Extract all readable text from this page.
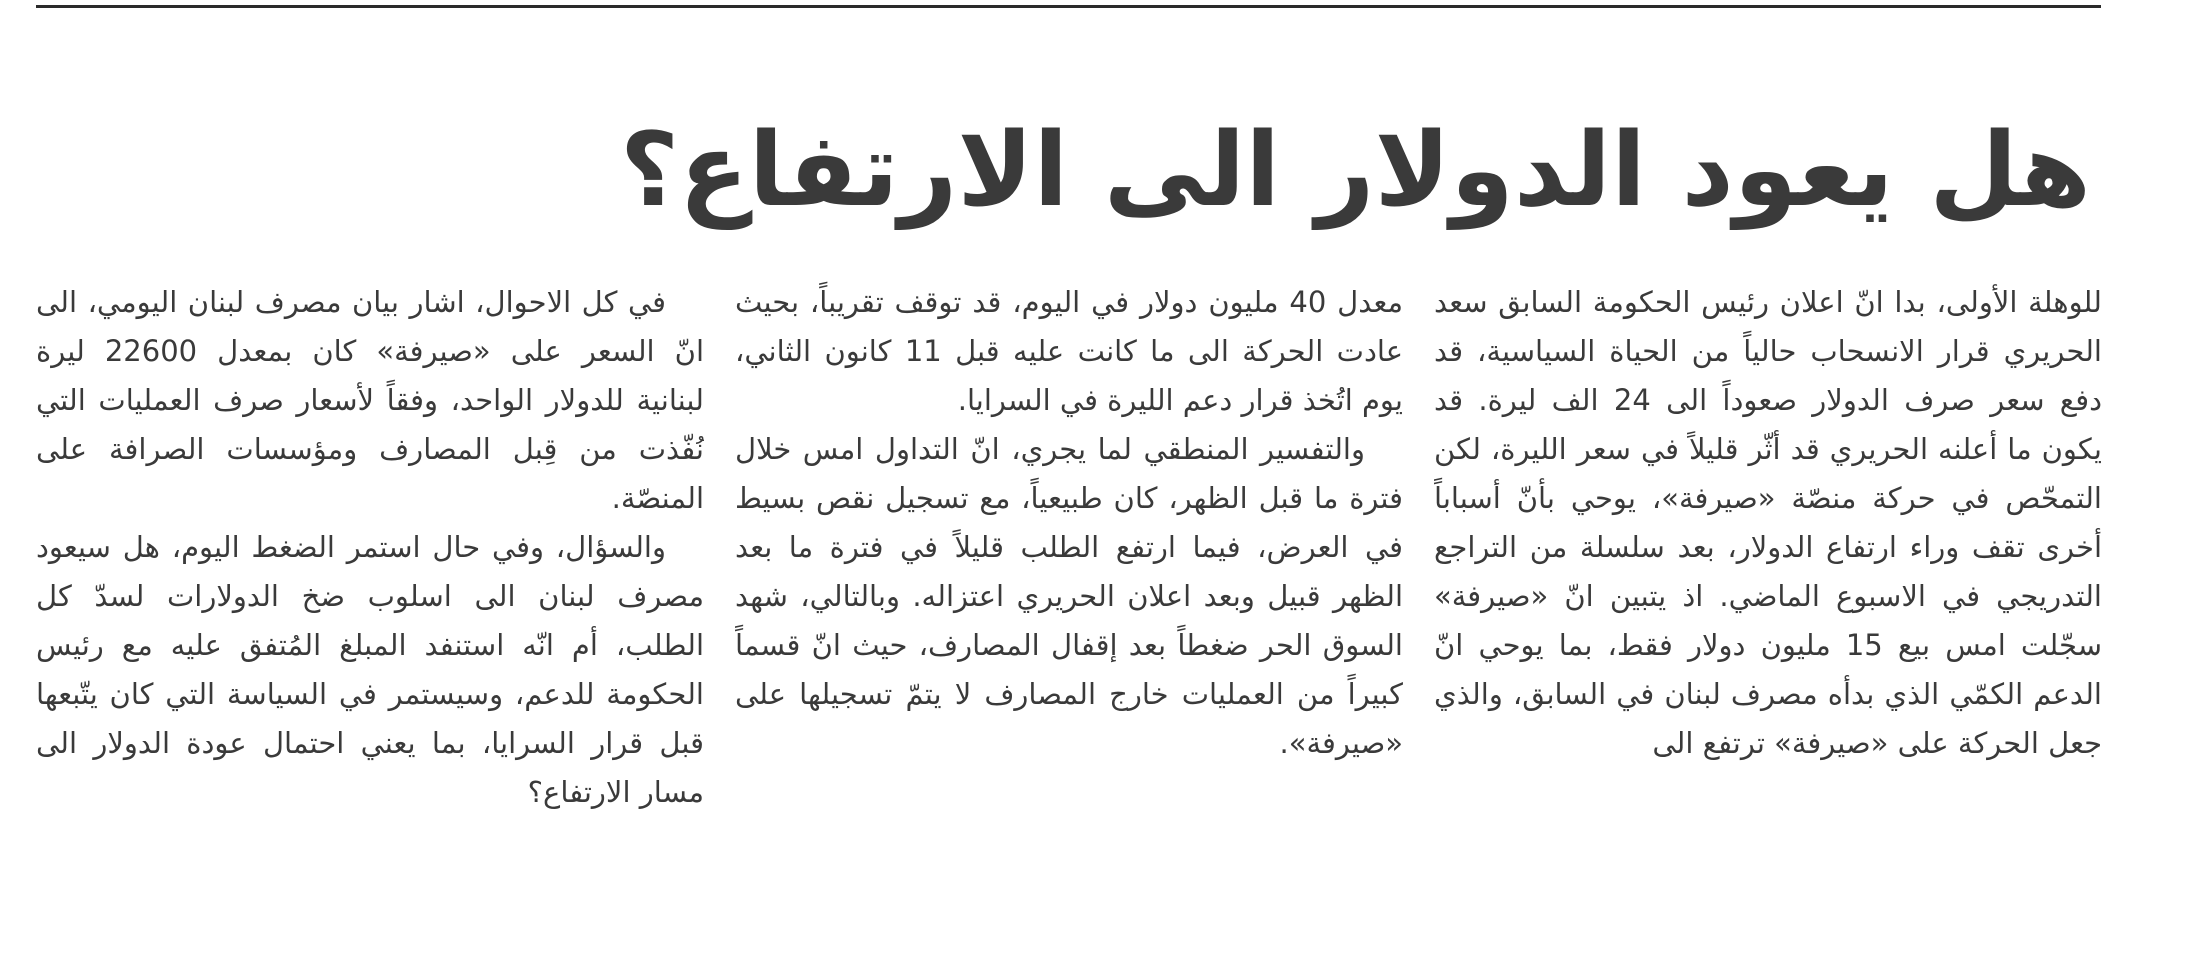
هل يعود الدولار الى الارتفاع؟

للوهلة الأولى، بدا انّ اعلان رئيس الحكومة السابق سعد الحريري قرار الانسحاب حالياً من الحياة السياسية، قد دفع سعر صرف الدولار صعوداً الى 24 الف ليرة. قد يكون ما أعلنه الحريري قد أثّر قليلاً في سعر الليرة، لكن التمحّص في حركة منصّة «صيرفة»، يوحي بأنّ أسباباً أخرى تقف وراء ارتفاع الدولار، بعد سلسلة من التراجع التدريجي في الاسبوع الماضي. اذ يتبين انّ «صيرفة» سجّلت امس بيع 15 مليون دولار فقط، بما يوحي انّ الدعم الكمّي الذي بدأه مصرف لبنان في السابق، والذي جعل الحركة على «صيرفة» ترتفع الى

معدل 40 مليون دولار في اليوم، قد توقف تقريباً، بحيث عادت الحركة الى ما كانت عليه قبل 11 كانون الثاني، يوم اتُخذ قرار دعم الليرة في السرايا.

والتفسير المنطقي لما يجري، انّ التداول امس خلال فترة ما قبل الظهر، كان طبيعياً، مع تسجيل نقص بسيط في العرض، فيما ارتفع الطلب قليلاً في فترة ما بعد الظهر قبيل وبعد اعلان الحريري اعتزاله. وبالتالي، شهد السوق الحر ضغطاً بعد إقفال المصارف، حيث انّ قسماً كبيراً من العمليات خارج المصارف لا يتمّ تسجيلها على «صيرفة».

في كل الاحوال، اشار بيان مصرف لبنان اليومي، الى انّ السعر على «صيرفة» كان بمعدل 22600 ليرة لبنانية للدولار الواحد، وفقاً لأسعار صرف العمليات التي نُفّذت من قِبل المصارف ومؤسسات الصرافة على المنصّة.

والسؤال، وفي حال استمر الضغط اليوم، هل سيعود مصرف لبنان الى اسلوب ضخ الدولارات لسدّ كل الطلب، أم انّه استنفد المبلغ المُتفق عليه مع رئيس الحكومة للدعم، وسيستمر في السياسة التي كان يتّبعها قبل قرار السرايا، بما يعني احتمال عودة الدولار الى مسار الارتفاع؟
